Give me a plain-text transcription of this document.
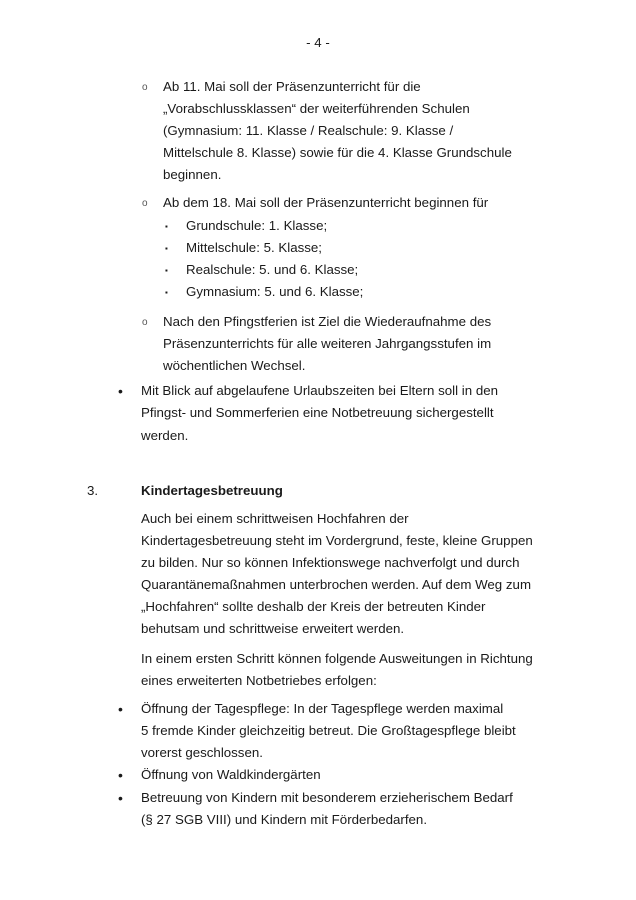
- 4 -
o Ab 11. Mai soll der Präsenzunterricht für die
„Vorabschlussklassen“ der weiterführenden Schulen
(Gymnasium: 11. Klasse / Realschule: 9. Klasse /
Mittelschule 8. Klasse) sowie für die 4. Klasse Grundschule
beginnen.
o Ab dem 18. Mai soll der Präsenzunterricht beginnen für
▪ Grundschule: 1. Klasse;
▪ Mittelschule: 5. Klasse;
▪ Realschule: 5. und 6. Klasse;
▪ Gymnasium: 5. und 6. Klasse;
o Nach den Pfingstferien ist Ziel die Wiederaufnahme des
Präsenzunterrichts für alle weiteren Jahrgangsstufen im
wöchentlichen Wechsel.
• Mit Blick auf abgelaufene Urlaubszeiten bei Eltern soll in den
Pfingst- und Sommerferien eine Notbetreuung sichergestellt
werden.
3.	Kindertagesbetreuung
Auch bei einem schrittweisen Hochfahren der
Kindertagesbetreuung steht im Vordergrund, feste, kleine Gruppen
zu bilden. Nur so können Infektionswege nachverfolgt und durch
Quarantänemaßnahmen unterbrochen werden. Auf dem Weg zum
„Hochfahren“ sollte deshalb der Kreis der betreuten Kinder
behutsam und schrittweise erweitert werden.
In einem ersten Schritt können folgende Ausweitungen in Richtung
eines erweiterten Notbetriebes erfolgen:
• Öffnung der Tagespflege: In der Tagespflege werden maximal
5 fremde Kinder gleichzeitig betreut. Die Großtagespflege bleibt
vorerst geschlossen.
• Öffnung von Waldkindergärten
• Betreuung von Kindern mit besonderem erzieherischem Bedarf
(§ 27 SGB VIII) und Kindern mit Förderbedarfen.
